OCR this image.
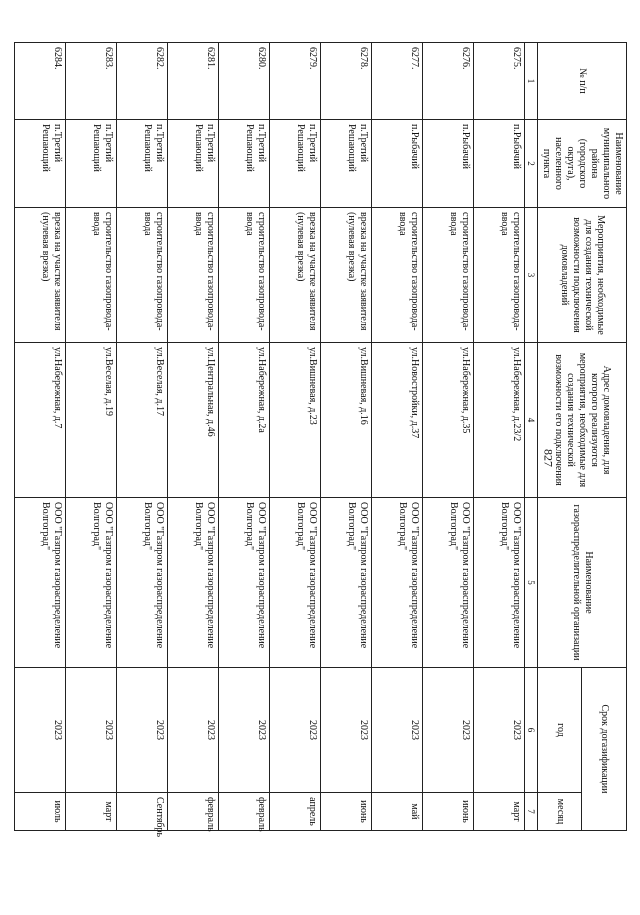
827
№ п/п	Наименование муниципального района (городского округа), населенного пункта	Мероприятия, необходимые для создания технической возможности подключения домовладений	Адрес домовладения, для которого реализуются мероприятия, необходимые для создания технической возможности его подключения	Наименование газораспределительной организации	Срок догазификации	
					год	месяц
1	2	3	4	5	6	7
6275.	п.Рыбачий	строительство газопровода-ввода	ул.Набережная, д.23/2	ООО "Газпром газораспределение Волгоград"	2023	март
6276.	п.Рыбачий	строительство газопровода-ввода	ул.Набережная, д.35	ООО "Газпром газораспределение Волгоград"	2023	июнь
6277.	п.Рыбачий	строительство газопровода-ввода	ул.Новостройки, д.37	ООО "Газпром газораспределение Волгоград"	2023	май
6278.	п.Третий Решающий	врезка на участке заявителя (нулевая врезка)	ул.Вишневая, д.16	ООО "Газпром газораспределение Волгоград"	2023	июнь
6279.	п.Третий Решающий	врезка на участке заявителя (нулевая врезка)	ул.Вишневая, д.23	ООО "Газпром газораспределение Волгоград"	2023	апрель
6280.	п.Третий Решающий	строительство газопровода-ввода	ул.Набережная, д.2а	ООО "Газпром газораспределение Волгоград"	2023	февраль
6281.	п.Третий Решающий	строительство газопровода-ввода	ул.Центральная, д.46	ООО "Газпром газораспределение Волгоград"	2023	февраль
6282.	п.Третий Решающий	строительство газопровода-ввода	ул.Веселая, д.17	ООО "Газпром газораспределение Волгоград"	2023	Сентябрь
6283.	п.Третий Решающий	строительство газопровода-ввода	ул.Веселая, д.19	ООО "Газпром газораспределение Волгоград"	2023	март
6284.	п.Третий Решающий	врезка на участке заявителя (нулевая врезка)	ул.Набережная, д.7	ООО "Газпром газораспределение Волгоград"	2023	июль
